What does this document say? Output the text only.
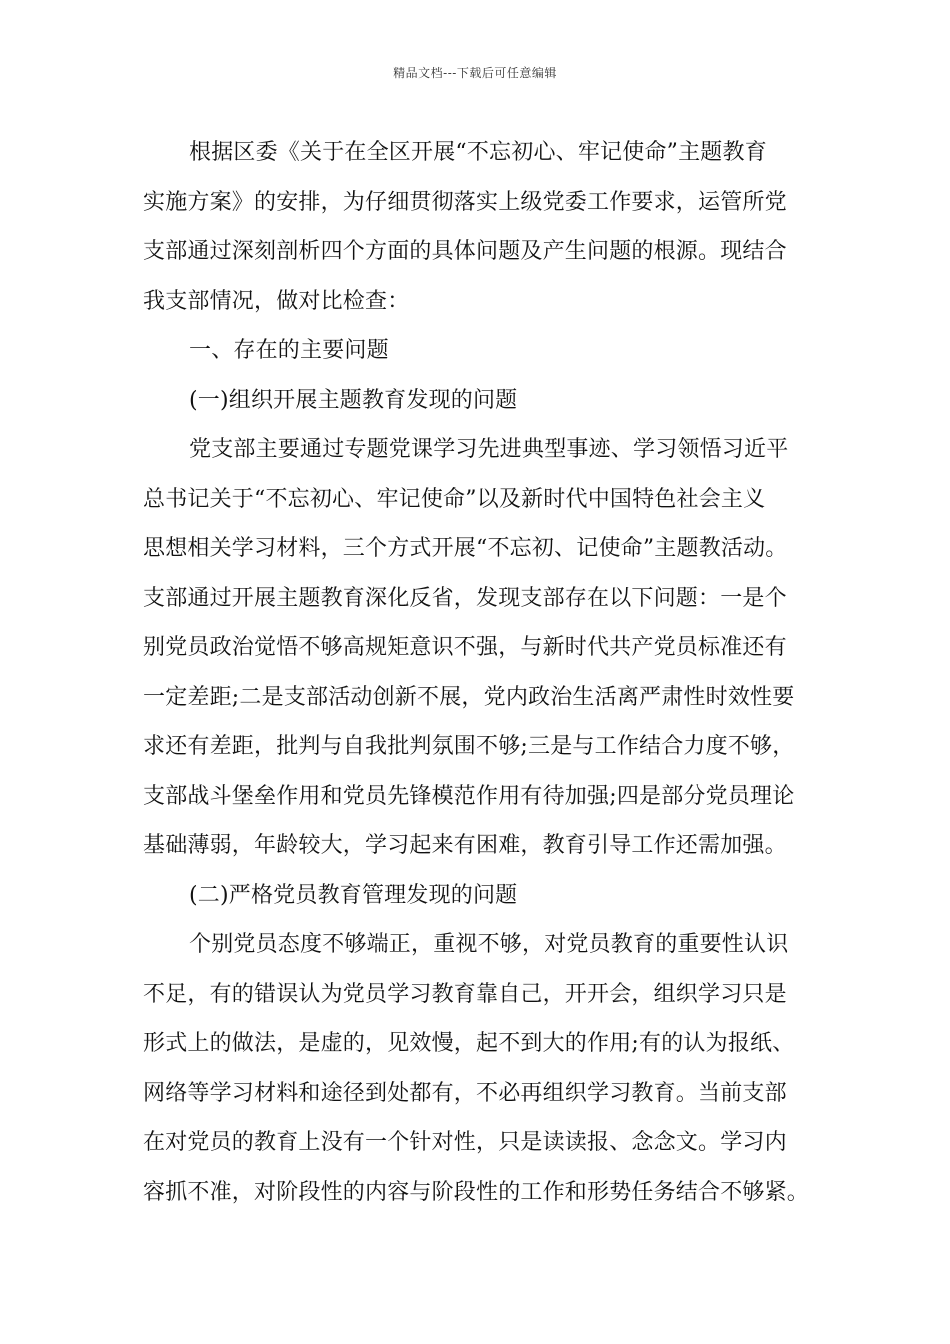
精品文档---下载后可任意编辑
根据区委《关于在全区开展“不忘初心、牢记使命”主题教育
实施方案》的安排，为仔细贯彻落实上级党委工作要求，运管所党
支部通过深刻剖析四个方面的具体问题及产生问题的根源。现结合
我支部情况，做对比检查：
一、存在的主要问题
(一)组织开展主题教育发现的问题
党支部主要通过专题党课学习先进典型事迹、学习领悟习近平
总书记关于“不忘初心、牢记使命”以及新时代中国特色社会主义
思想相关学习材料，三个方式开展“不忘初、记使命”主题教活动。
支部通过开展主题教育深化反省，发现支部存在以下问题：一是个
别党员政治觉悟不够高规矩意识不强，与新时代共产党员标准还有
一定差距;二是支部活动创新不展，党内政治生活离严肃性时效性要
求还有差距，批判与自我批判氛围不够;三是与工作结合力度不够，
支部战斗堡垒作用和党员先锋模范作用有待加强;四是部分党员理论
基础薄弱，年龄较大，学习起来有困难，教育引导工作还需加强。
(二)严格党员教育管理发现的问题
个别党员态度不够端正，重视不够，对党员教育的重要性认识
不足，有的错误认为党员学习教育靠自己，开开会，组织学习只是
形式上的做法，是虚的，见效慢，起不到大的作用;有的认为报纸、
网络等学习材料和途径到处都有，不必再组织学习教育。当前支部
在对党员的教育上没有一个针对性，只是读读报、念念文。学习内
容抓不准，对阶段性的内容与阶段性的工作和形势任务结合不够紧。
